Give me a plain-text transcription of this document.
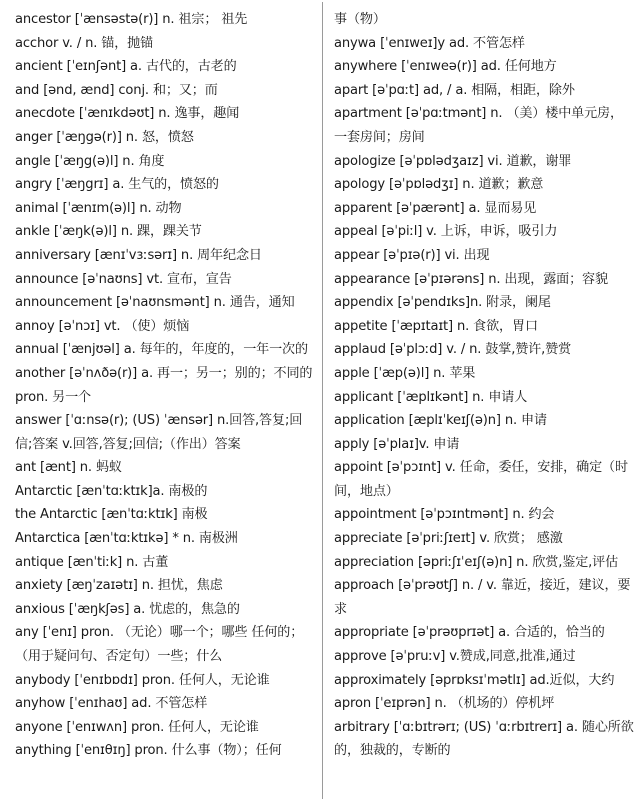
ancestor [ˈænsəstə(r)] n. 祖宗； 祖先
acchor v. / n. 锚，抛锚
ancient [ˈeɪnʃənt] a. 古代的，古老的
and [ənd, ænd] conj. 和；又；而
anecdote [ˈænɪkdəʊt] n. 逸事，趣闻
anger [ˈæŋgə(r)] n. 怒，愤怒
angle [ˈæŋg(ə)l] n. 角度
angry [ˈæŋgrɪ] a. 生气的，愤怒的
animal [ˈænɪm(ə)l] n. 动物
ankle [ˈæŋk(ə)l] n. 踝，踝关节
anniversary [ænɪˈvɜːsərɪ] n. 周年纪念日
announce [əˈnaʊns] vt. 宣布，宣告
announcement [əˈnaʊnsmənt] n. 通告，通知
annoy [əˈnɔɪ] vt. （使）烦恼
annual [ˈænjʊəl] a. 每年的，年度的，一年一次的
another [əˈnʌðə(r)] a. 再一；另一；别的；不同的 pron. 另一个
answer [ˈɑːnsə(r); (US) ˈænsər] n.回答,答复;回信;答案 v.回答,答复;回信;（作出）答案
ant [ænt] n. 蚂蚁
Antarctic [ænˈtɑːktɪk]a. 南极的
the Antarctic [ænˈtɑːktɪk] 南极
Antarctica [ænˈtɑːktɪkə] * n. 南极洲
antique [ænˈtiːk] n. 古董
anxiety [æŋˈzaɪətɪ] n. 担忧，焦虑
anxious [ˈæŋkʃəs] a. 忧虑的，焦急的
any [ˈenɪ] pron. （无论）哪一个；哪些 任何的；（用于疑问句、否定句）一些；什么
anybody [ˈenɪbɒdɪ] pron. 任何人，无论谁
anyhow [ˈenɪhaʊ] ad. 不管怎样
anyone [ˈenɪwʌn] pron. 任何人，无论谁
anything [ˈenɪθɪŋ] pron. 什么事（物）；任何
事（物）
anywa [ˈenɪweɪ]y ad. 不管怎样
anywhere [ˈenɪweə(r)] ad. 任何地方
apart [əˈpɑːt] ad, / a. 相隔，相距，除外
apartment [əˈpɑːtmənt] n. （美）楼中单元房，一套房间；房间
apologize [əˈpɒlədʒaɪz] vi. 道歉，谢罪
apology [əˈpɒlədʒɪ] n. 道歉；歉意
apparent [əˈpærənt] a. 显而易见
appeal [əˈpiːl] v. 上诉，申诉，吸引力
appear [əˈpɪə(r)] vi. 出现
appearance [əˈpɪərəns] n. 出现，露面；容貌
appendix [əˈpendɪks]n. 附录，阑尾
appetite [ˈæpɪtaɪt] n. 食欲，胃口
applaud [əˈplɔːd] v. / n. 鼓掌,赞许,赞赏
apple [ˈæp(ə)l] n. 苹果
applicant [ˈæplɪkənt] n. 申请人
application [æplɪˈkeɪʃ(ə)n] n. 申请
apply [əˈplaɪ]v. 申请
appoint [əˈpɔɪnt] v. 任命，委任，安排，确定（时间，地点）
appointment [əˈpɔɪntmənt] n. 约会
appreciate [əˈpriːʃɪeɪt] v. 欣赏； 感激
appreciation [əpriːʃɪˈeɪʃ(ə)n] n. 欣赏,鉴定,评估
approach [əˈprəʊtʃ] n. / v. 靠近，接近，建议，要求
appropriate [əˈprəʊprɪət] a. 合适的，恰当的
approve [əˈpruːv] v.赞成,同意,批准,通过
approximately [əprɒksɪˈmətlɪ] ad.近似，大约
apron [ˈeɪprən] n. （机场的）停机坪
arbitrary [ˈɑːbɪtrərɪ; (US) ˈɑːrbɪtrerɪ] a. 随心所欲的，独裁的，专断的
